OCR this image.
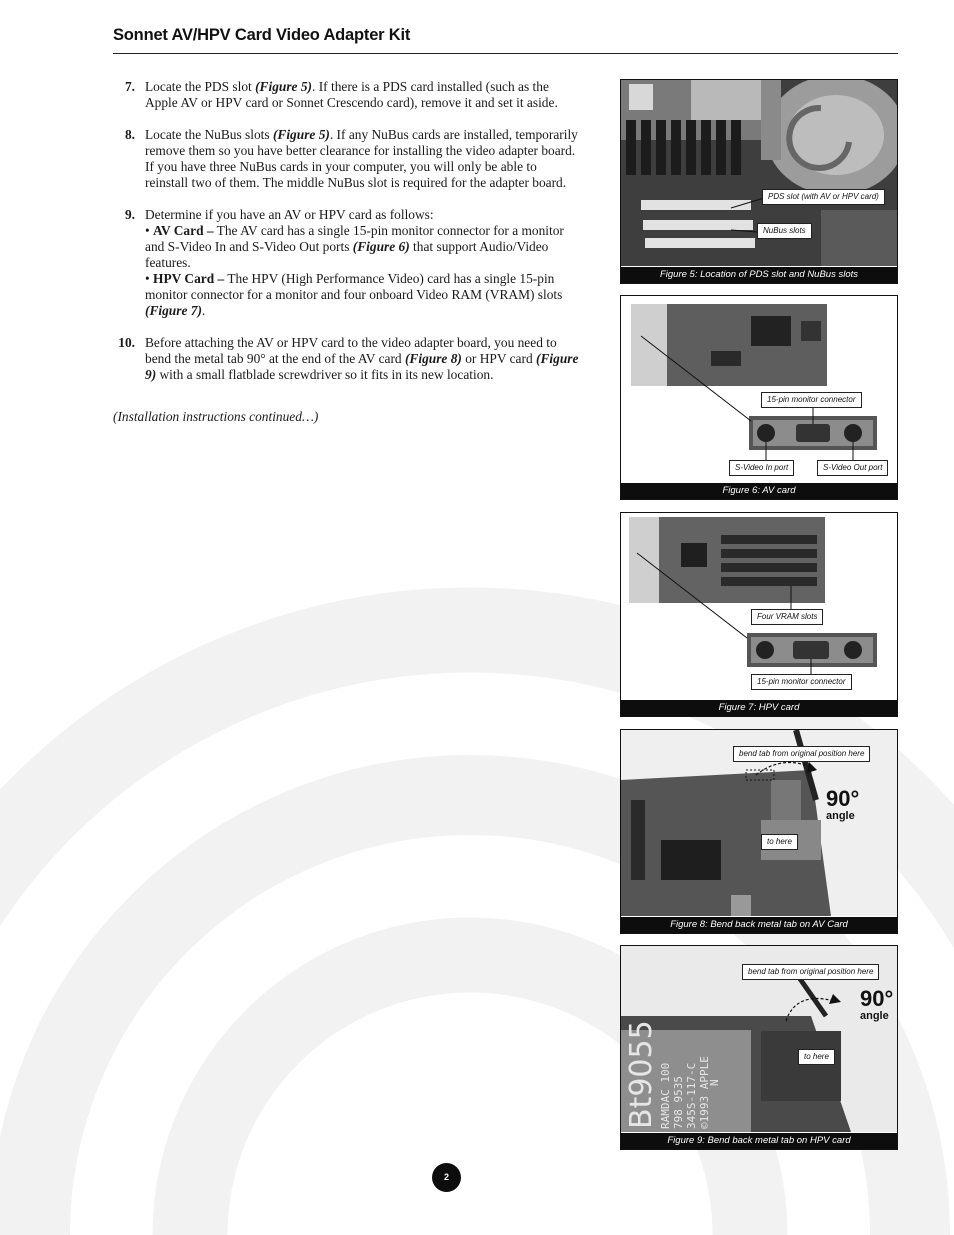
Sonnet AV/HPV Card Video Adapter Kit
7. Locate the PDS slot (Figure 5). If there is a PDS card installed (such as the Apple AV or HPV card or Sonnet Crescendo card), remove it and set it aside.

8. Locate the NuBus slots (Figure 5). If any NuBus cards are installed, temporarily remove them so you have better clearance for installing the video adapter board. If you have three NuBus cards in your computer, you will only be able to reinstall two of them. The middle NuBus slot is required for the adapter board.

9. Determine if you have an AV or HPV card as follows:

• AV Card – The AV card has a single 15-pin monitor connector for a monitor and S-Video In and S-Video Out ports (Figure 6) that support Audio/Video features.

• HPV Card – The HPV (High Performance Video) card has a single 15-pin monitor connector for a monitor and four onboard Video RAM (VRAM) slots (Figure 7).

10. Before attaching the AV or HPV card to the video adapter board, you need to bend the metal tab 90° at the end of the AV card (Figure 8) or HPV card (Figure 9) with a small flatblade screwdriver so it fits in its new location.

(Installation instructions continued…)

PDS slot (with AV or HPV card)
NuBus slots
Figure 5: Location of PDS slot and NuBus slots
15-pin monitor connector
S-Video In port	S-Video Out port
Figure 6: AV card
Four VRAM slots
15-pin monitor connector
Figure 7: HPV card
bend tab from original position here
to here
90°
angle
Figure 8: Bend back metal tab on AV Card
Bt9055 RAMDAC 100 798 9535 345S-117-C ©1993 APPLE
N
bend tab from original position here
to here
90°
angle
Figure 9: Bend back metal tab on HPV card
2
